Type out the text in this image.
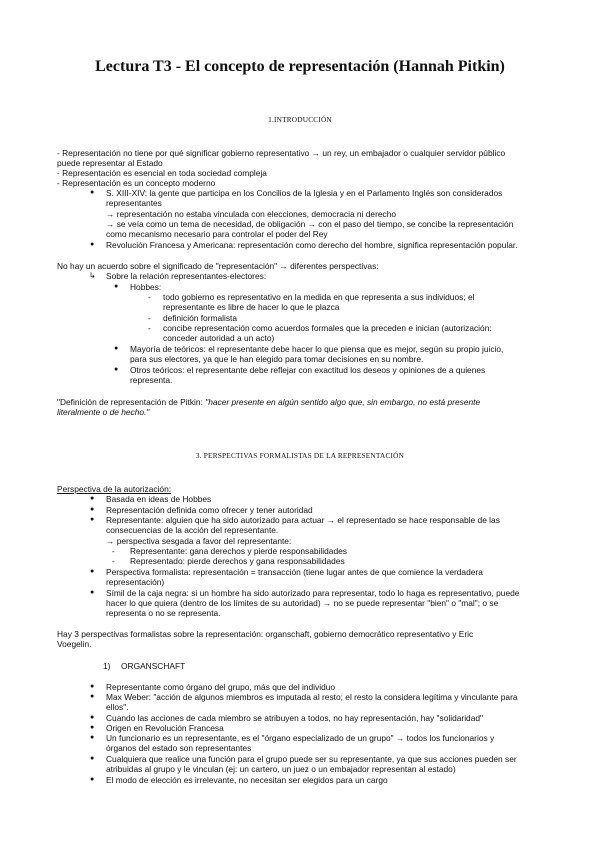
Lectura T3 - El concepto de representación (Hannah Pitkin)
1.INTRODUCCIÓN
- Representación no tiene por qué significar gobierno representativo → un rey, un embajador o cualquier servidor público
puede representar al Estado
- Representación es esencial en toda sociedad compleja
- Representación es un concepto moderno
● S. XIII-XIV: la gente que participa en los Concilios de la Iglesia y en el Parlamento Inglés son considerados
representantes
→ representación no estaba vinculada con elecciones, democracia ni derecho
→ se veía como un tema de necesidad, de obligación → con el paso del tiempo, se concibe la representación
como mecanismo necesario para controlar el poder del Rey
● Revolución Francesa y Americana: representación como derecho del hombre, significa representación popular.
No hay un acuerdo sobre el significado de "representación" → diferentes perspectivas:
↳ Sobre la relación representantes-electores:
● Hobbes:
- todo gobierno es representativo en la medida en que representa a sus individuos; el
representante es libre de hacer lo que le plazca
- definición formalista
- concibe representación como acuerdos formales que la preceden e inician (autorización:
conceder autoridad a un acto)
● Mayoría de teóricos: el representante debe hacer lo que piensa que es mejor, según su propio juicio,
para sus electores, ya que le han elegido para tomar decisiones en su nombre.
● Otros teóricos: el representante debe reflejar con exactitud los deseos y opiniones de a quienes
representa.
"Definición de representación de Pitkin: "hacer presente en algún sentido algo que, sin embargo, no está presente
literalmente o de hecho."
3. PERSPECTIVAS FORMALISTAS DE LA REPRESENTACIÓN
Perspectiva de la autorización:
● Basada en ideas de Hobbes
● Representación definida como ofrecer y tener autoridad
● Representante: alguien que ha sido autorizado para actuar → el representado se hace responsable de las
consecuencias de la acción del representante.
→ perspectiva sesgada a favor del representante:
- Representante: gana derechos y pierde responsabilidades
- Representado: pierde derechos y gana responsabilidades
● Perspectiva formalista: representación = transacción (tiene lugar antes de que comience la verdadera
representación)
● Símil de la caja negra: si un hombre ha sido autorizado para representar, todo lo haga es representativo, puede
hacer lo que quiera (dentro de los límites de su autoridad) → no se puede representar "bien" o "mal"; o se
representa o no se representa.
Hay 3 perspectivas formalistas sobre la representación: organschaft, gobierno democrático representativo y Eric
Voegelin.
1) ORGANSCHAFT
● Representante como órgano del grupo, más que del individuo
● Max Weber: "acción de algunos miembros es imputada al resto; el resto la considera legítima y vinculante para
ellos".
● Cuando las acciones de cada miembro se atribuyen a todos, no hay representación, hay "solidaridad"
● Origen en Revolución Francesa
● Un funcionario es un representante, es el "órgano especializado de un grupo" → todos los funcionarios y
órganos del estado son representantes
● Cualquiera que realice una función para el grupo puede ser su representante, ya que sus acciones pueden ser
atribuidas al grupo y le vinculan (ej: un cartero, un juez o un embajador representan al estado)
● El modo de elección es irrelevante, no necesitan ser elegidos para un cargo
